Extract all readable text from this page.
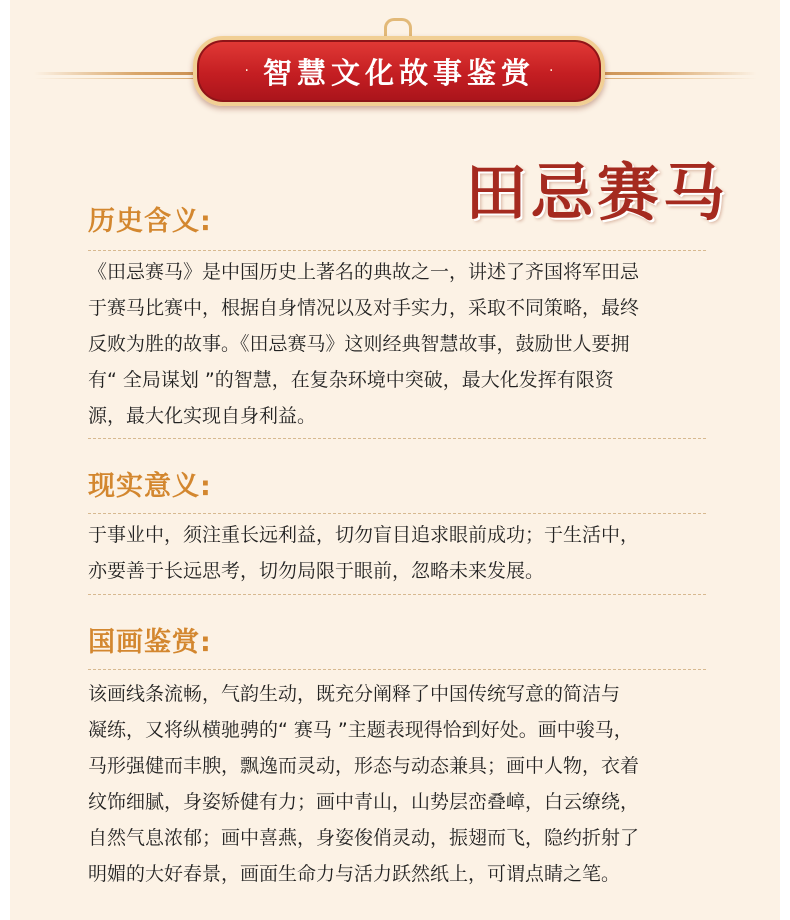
· 智慧文化故事鉴赏 ·
田忌赛马
历史含义:
《田忌赛马》是中国历史上著名的典故之一，讲述了齐国将军田忌
于赛马比赛中，根据自身情况以及对手实力，采取不同策略，最终
反败为胜的故事。《田忌赛马》这则经典智慧故事，鼓励世人要拥
有“ 全局谋划 ”的智慧，在复杂环境中突破，最大化发挥有限资
源，最大化实现自身利益。
现实意义:
于事业中，须注重长远利益，切勿盲目追求眼前成功；于生活中，
亦要善于长远思考，切勿局限于眼前，忽略未来发展。
国画鉴赏:
该画线条流畅，气韵生动，既充分阐释了中国传统写意的简洁与
凝练，又将纵横驰骋的“ 赛马 ”主题表现得恰到好处。画中骏马，
马形强健而丰腴，飘逸而灵动，形态与动态兼具；画中人物，衣着
纹饰细腻，身姿矫健有力；画中青山，山势层峦叠嶂，白云缭绕，
自然气息浓郁；画中喜燕，身姿俊俏灵动，振翅而飞，隐约折射了
明媚的大好春景，画面生命力与活力跃然纸上，可谓点睛之笔。
